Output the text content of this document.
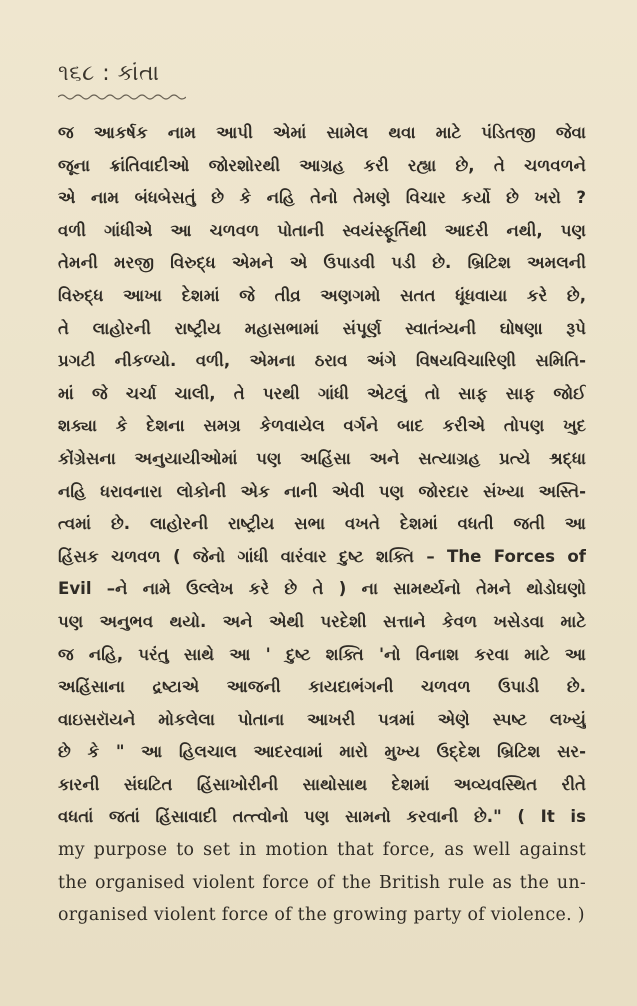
૧૬૮ : કાંતા
જ આકર્ષક નામ આપી એમાં સામેલ થવા માટે પંડિતજી જેવા
જૂના ક્રાંતિવાદીઓ જોરશોરથી આગ્રહ કરી રહ્યા છે, તે ચળવળને
એ નામ બંધબેસતું છે કે નહિ તેનો તેમણે વિચાર કર્યો છે ખરો ?
વળી ગાંધીએ આ ચળવળ પોતાની સ્વયંસ્ફૂર્તિથી આદરી નથી, પણ
તેમની મરજી વિરુદ્ધ એમને એ ઉપાડવી પડી છે. બ્રિટિશ અમલની
વિરુદ્ધ આખા દેશમાં જે તીવ્ર અણગમો સતત ધૂંધવાયા કરે છે,
તે લાહોરની રાષ્ટ્રીય મહાસભામાં સંપૂર્ણ સ્વાતંત્ર્યની ઘોષણા રૂપે
પ્રગટી નીકળ્યો. વળી, એમના ઠરાવ અંગે વિષયવિચારિણી સમિતિ-
માં જે ચર્ચા ચાલી, તે પરથી ગાંધી એટલું તો સાફ સાફ જોઈ
શક્યા કે દેશના સમગ્ર કેળવાયેલ વર્ગને બાદ કરીએ તોપણ ખુદ
કોંગ્રેસના અનુયાયીઓમાં પણ અહિંસા અને સત્યાગ્રહ પ્રત્યે શ્રદ્ધા
નહિ ધરાવનારા લોકોની એક નાની એવી પણ જોરદાર સંખ્યા અસ્તિ-
ત્વમાં છે. લાહોરની રાષ્ટ્રીય સભા વખતે દેશમાં વધતી જતી આ
હિંસક ચળવળ ( જેનો ગાંધી વારંવાર દુષ્ટ શક્તિ – The Forces of
Evil –ને નામે ઉલ્લેખ કરે છે તે ) ના સામર્થ્યનો તેમને થોડોઘણો
પણ અનુભવ થયો. અને એથી પરદેશી સત્તાને કેવળ ખસેડવા માટે
જ નહિ, પરંતુ સાથે આ ' દુષ્ટ શક્તિ 'નો વિનાશ કરવા માટે આ
અહિંસાના દ્રષ્ટાએ આજની કાયદાભંગની ચળવળ ઉપાડી છે.
વાઇસરૉયને મોકલેલા પોતાના આખરી પત્રમાં એણે સ્પષ્ટ લખ્યું
છે કે " આ હિલચાલ આદરવામાં મારો મુખ્ય ઉદ્દેશ બ્રિટિશ સર-
કારની સંઘટિત હિંસાખોરીની સાથોસાથ દેશમાં અવ્યવસ્થિત રીતે
વધતાં જતાં હિંસાવાદી તત્ત્વોનો પણ સામનો કરવાની છે." ( It is
my purpose to set in motion that force, as well against
the organised violent force of the British rule as the un-
organised violent force of the growing party of violence. )
